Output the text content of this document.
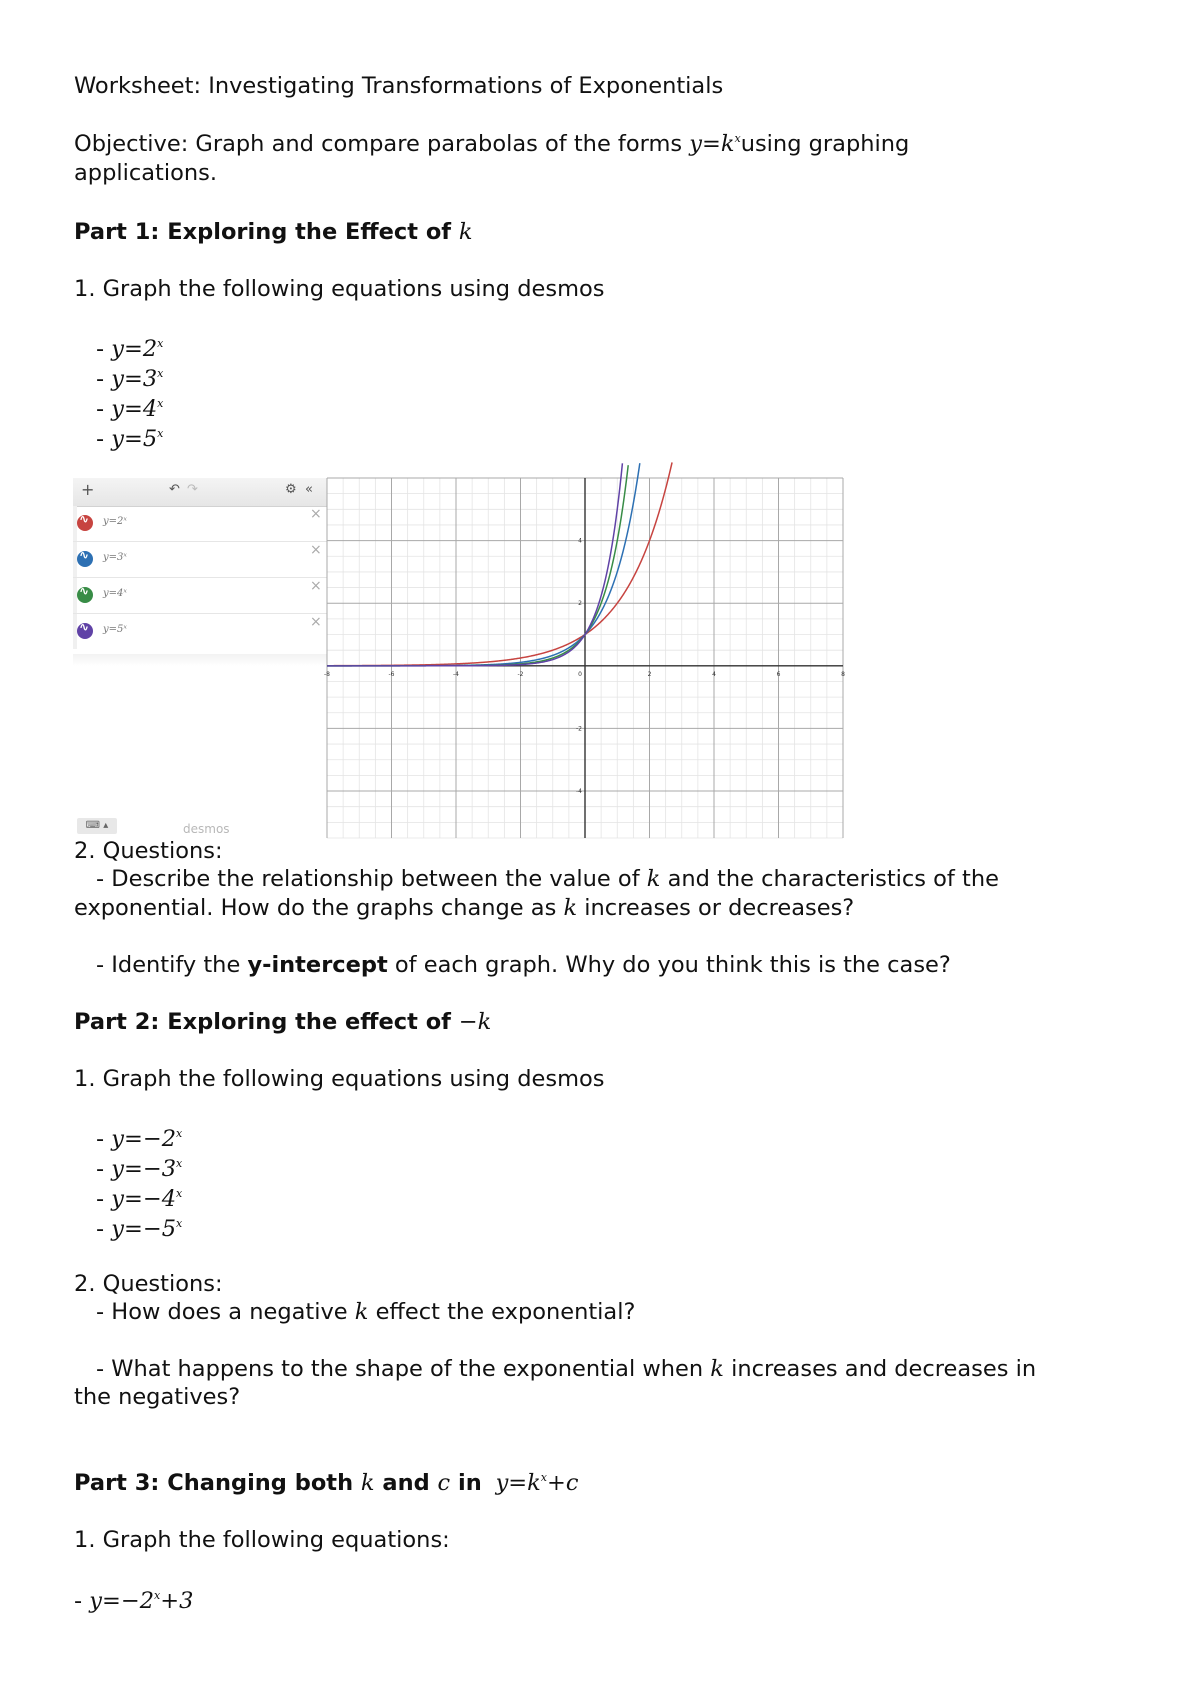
Worksheet: Investigating Transformations of Exponentials
Objective: Graph and compare parabolas of the forms $y=k^xusing$ graphing
applications.
Part 1: Exploring the Effect of k
1. Graph the following equations using desmos
- $y=2^x$
- $y=3^x$
- $y=4^x$
- $y=5^x$
+	↶ ↷	⚙ «
∿ y=2ˣ	×
∿ y=3ˣ	×
∿ y=4ˣ	×
∿ y=5ˣ	×
⌨ ▴	desmos
-8	-6	-4	-2	2	4	6	8
4
2
-2
-4
0
2. Questions:
- Describe the relationship between the value of k and the characteristics of the
exponential. How do the graphs change as k increases or decreases?
- Identify the y-intercept of each graph. Why do you think this is the case?
Part 2: Exploring the effect of −k
1. Graph the following equations using desmos
- $y=-2^x$
- $y=-3^x$
- $y=-4^x$
- $y=-5^x$
2. Questions:
- How does a negative k effect the exponential?
- What happens to the shape of the exponential when k increases and decreases in
the negatives?
Part 3: Changing both k and c in $y=k^x+c$
1. Graph the following equations:
- $y=-2^x+3$
